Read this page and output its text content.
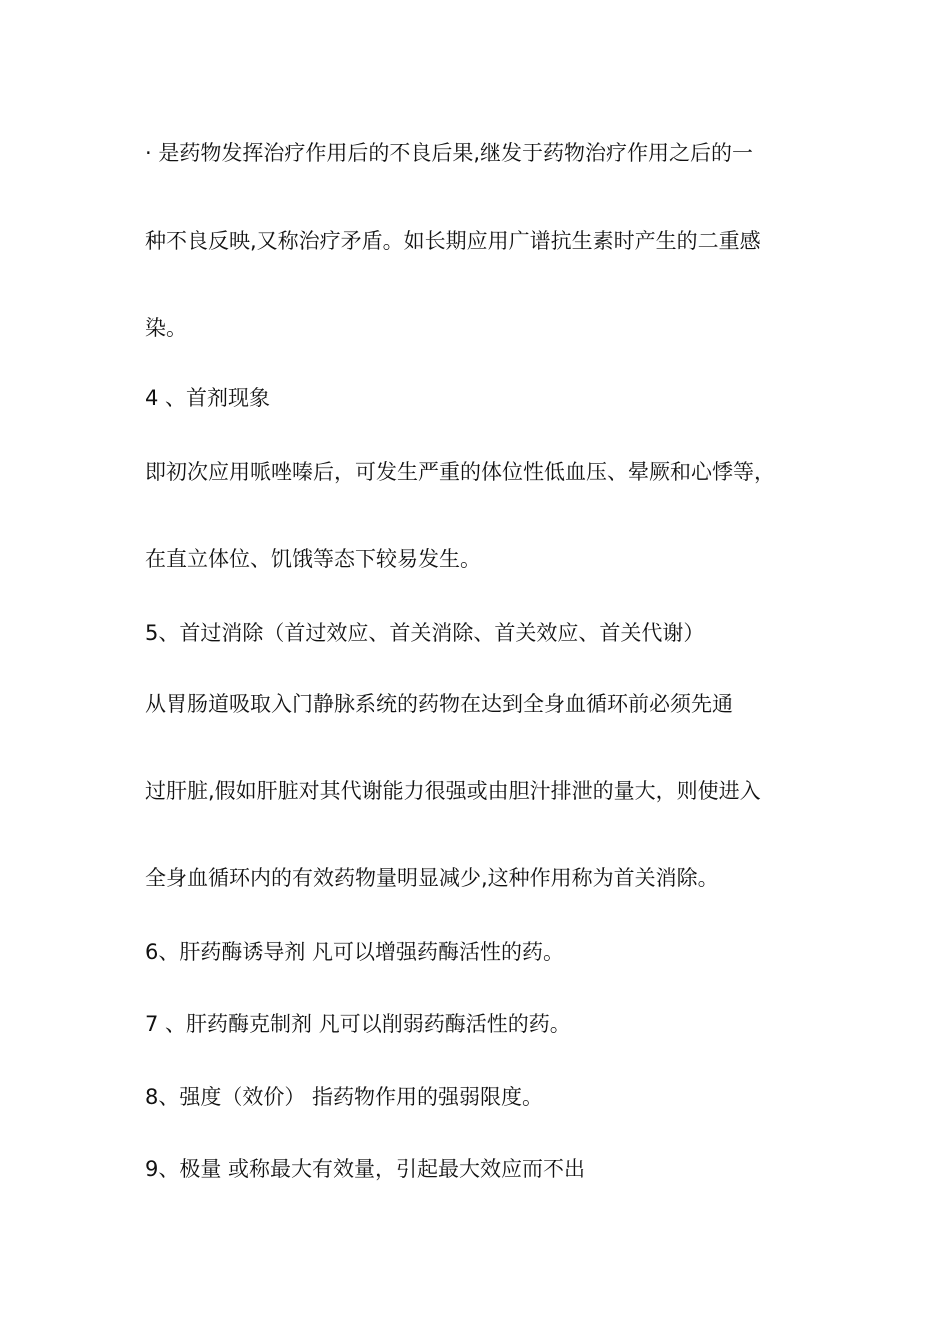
· 是药物发挥治疗作用后的不良后果,继发于药物治疗作用之后的一

种不良反映,又称治疗矛盾。如长期应用广谱抗生素时产生的二重感

染。

4 、首剂现象

即初次应用哌唑嗪后，可发生严重的体位性低血压、晕厥和心悸等，

在直立体位、饥饿等态下较易发生。

5、首过消除（首过效应、首关消除、首关效应、首关代谢）

从胃肠道吸取入门静脉系统的药物在达到全身血循环前必须先通

过肝脏,假如肝脏对其代谢能力很强或由胆汁排泄的量大，则使进入

全身血循环内的有效药物量明显减少,这种作用称为首关消除。

6、肝药酶诱导剂 凡可以增强药酶活性的药。

7 、肝药酶克制剂 凡可以削弱药酶活性的药。

8、强度（效价） 指药物作用的强弱限度。

9、极量 或称最大有效量，引起最大效应而不出
